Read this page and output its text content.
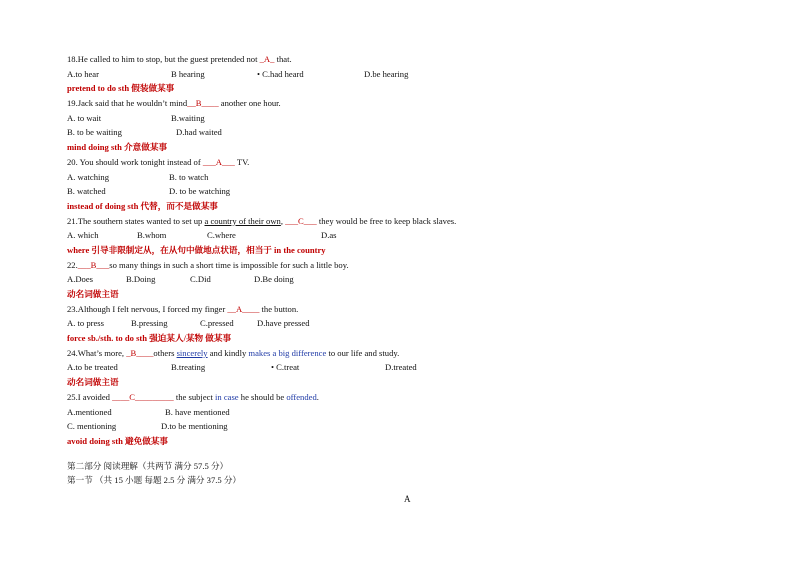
18.He called to him to stop, but the guest pretended not _A_ that.
A.to hear	B hearing	• C.had heard	D.be hearing
pretend to do sth 假装做某事
19.Jack said that he wouldn’t mind__B____ another one hour.
A. to wait	B.waiting
B. to be waiting	D.had waited
mind doing sth 介意做某事
20. You should work tonight instead of ___A___ TV.
A. watching	B. to watch
B. watched	D. to be watching
instead of doing sth 代替，而不是做某事
21.The southern states wanted to set up a country of their own, ___C___ they would be free to keep black slaves.
A. which	B.whom	C.where	D.as
where 引导非限制定从，在从句中做地点状语，相当于 in the country
22.___B___so many things in such a short time is impossible for such a little boy.
A.Does	B.Doing	C.Did	D.Be doing
动名词做主语
23.Although I felt nervous, I forced my finger __A____ the button.
A. to press	B.pressing	C.pressed	D.have pressed
force sb./sth. to do sth 强迫某人/某物 做某事
24.What’s more, _B____others sincerely and kindly makes a big difference to our life and study.
A.to be treated	B.treating	• C.treat	D.treated
动名词做主语
25.I avoided ____C_________ the subject in case he should be offended.
A.mentioned	B. have mentioned
C. mentioning	D.to be mentioning
avoid doing sth 避免做某事
第二部分 阅读理解（共两节 满分 57.5 分）
第一节 （共 15 小题 每题 2.5 分 满分 37.5 分）
A
